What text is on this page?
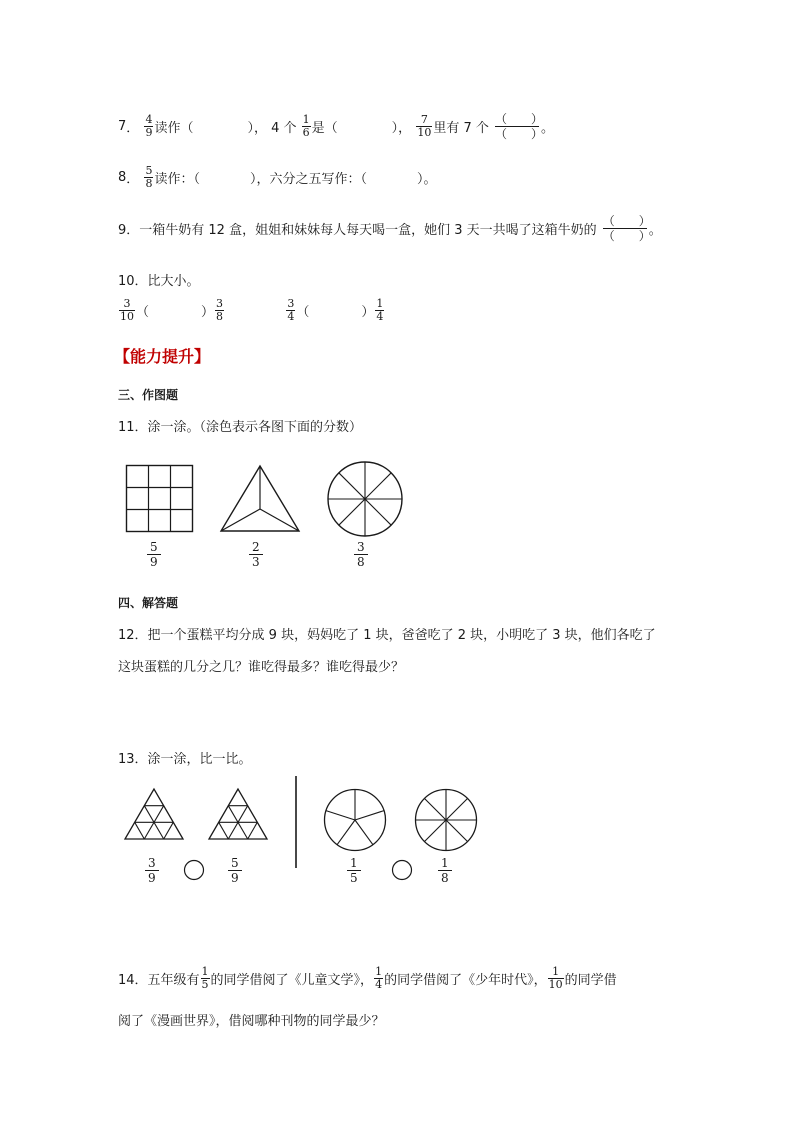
7． $\frac{4}{9}$ 读作（	）， 4 个 $\frac{1}{6}$ 是（	）， $\frac{7}{10}$ 里有 7 个 $\frac{( )}{( )}$ 。
8． $\frac{5}{8}$ 读作：（	），六分之五写作：（	）。
9．一箱牛奶有 12 盒，姐姐和妹妹每人每天喝一盒，她们 3 天一共喝了这箱牛奶的 $\frac{( )}{( )}$ 。
10．比大小。
$\frac{3}{10}$ （	） $\frac{3}{8}$
	$\frac{3}{4}$ （	） $\frac{1}{4}$
【能力提升】
三、作图题
11．涂一涂。（涂色表示各图下面的分数）
$\frac{5}{9}$	$\frac{2}{3}$	$\frac{3}{8}$
四、解答题
12．把一个蛋糕平均分成 9 块，妈妈吃了 1 块，爸爸吃了 2 块，小明吃了 3 块，他们各吃了
这块蛋糕的几分之几？谁吃得最多？谁吃得最少？
13．涂一涂，比一比。
$\frac{3}{9}$	$\frac{5}{9}$	$\frac{1}{5}$	$\frac{1}{8}$
14．五年级有 $\frac{1}{5}$ 的同学借阅了《儿童文学》， $\frac{1}{4}$ 的同学借阅了《少年时代》， $\frac{1}{10}$ 的同学借
阅了《漫画世界》，借阅哪种刊物的同学最少？
